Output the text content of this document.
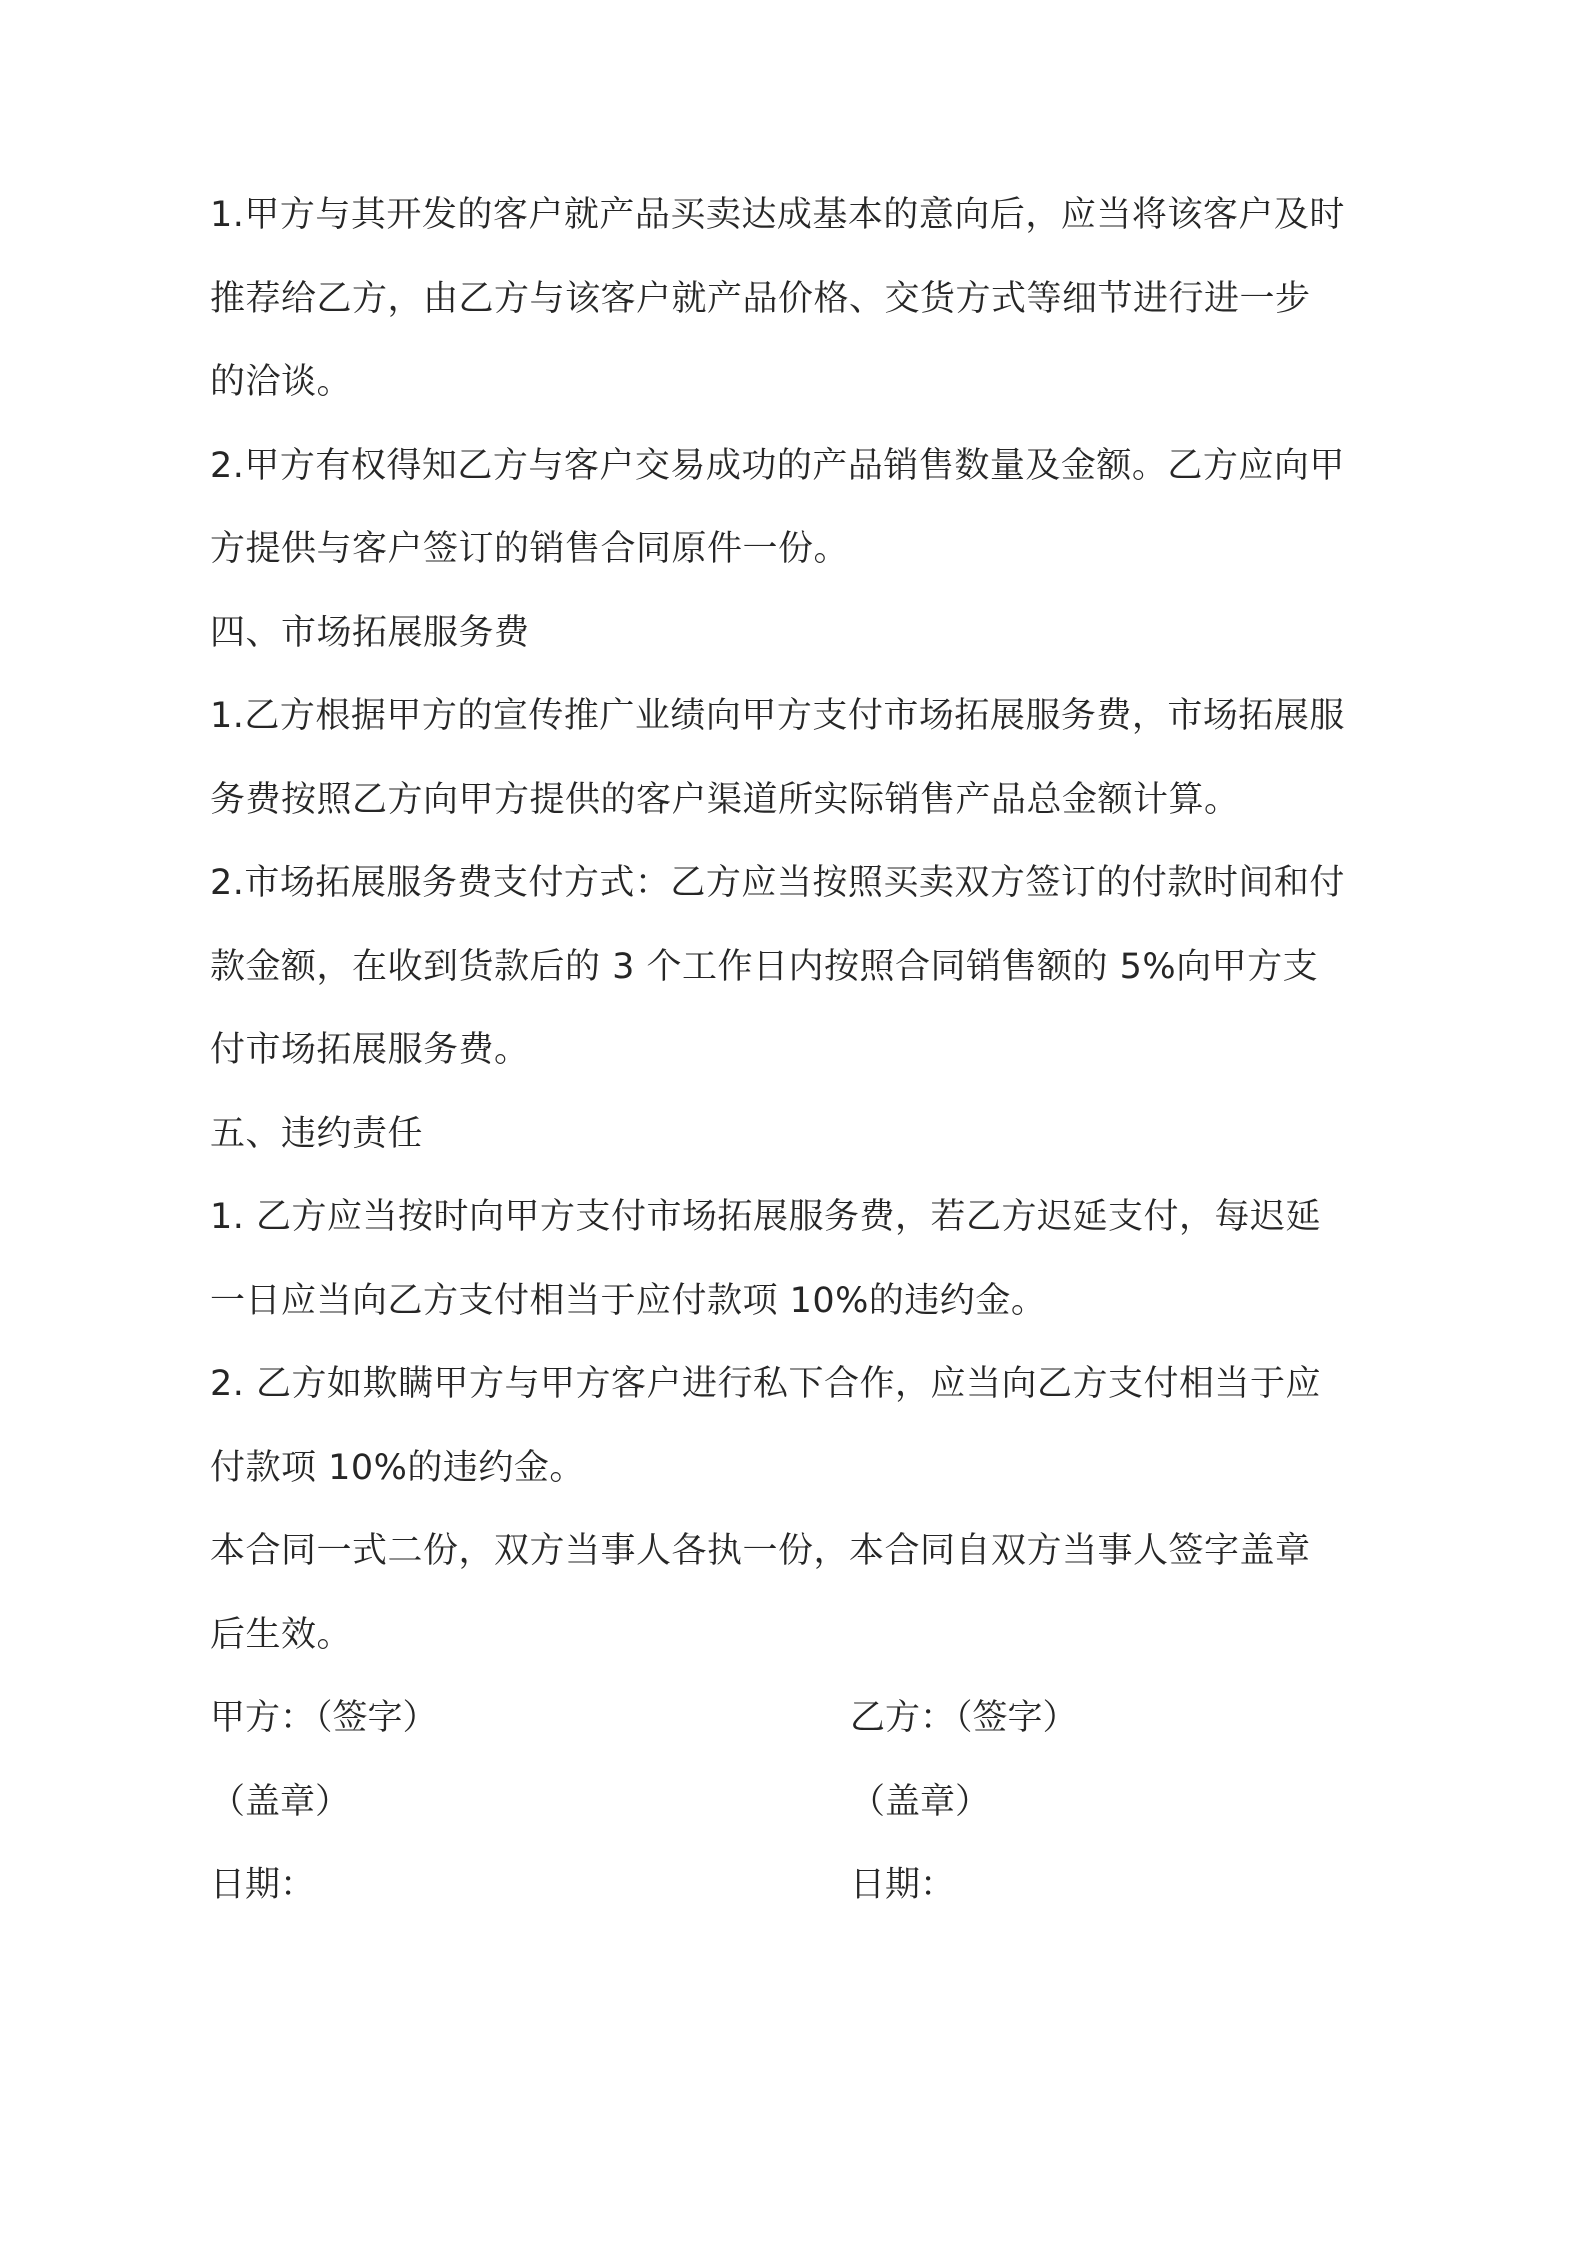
1.甲方与其开发的客户就产品买卖达成基本的意向后，应当将该客户及时
推荐给乙方，由乙方与该客户就产品价格、交货方式等细节进行进一步
的洽谈。
2.甲方有权得知乙方与客户交易成功的产品销售数量及金额。乙方应向甲
方提供与客户签订的销售合同原件一份。
四、市场拓展服务费
1.乙方根据甲方的宣传推广业绩向甲方支付市场拓展服务费，市场拓展服
务费按照乙方向甲方提供的客户渠道所实际销售产品总金额计算。
2.市场拓展服务费支付方式：乙方应当按照买卖双方签订的付款时间和付
款金额，在收到货款后的 3 个工作日内按照合同销售额的 5%向甲方支
付市场拓展服务费。
五、违约责任
1. 乙方应当按时向甲方支付市场拓展服务费，若乙方迟延支付，每迟延
一日应当向乙方支付相当于应付款项 10%的违约金。
2. 乙方如欺瞒甲方与甲方客户进行私下合作，应当向乙方支付相当于应
付款项 10%的违约金。
本合同一式二份，双方当事人各执一份，本合同自双方当事人签字盖章
后生效。
甲方：（签字）	乙方：（签字）
（盖章）	（盖章）
日期：	日期：
